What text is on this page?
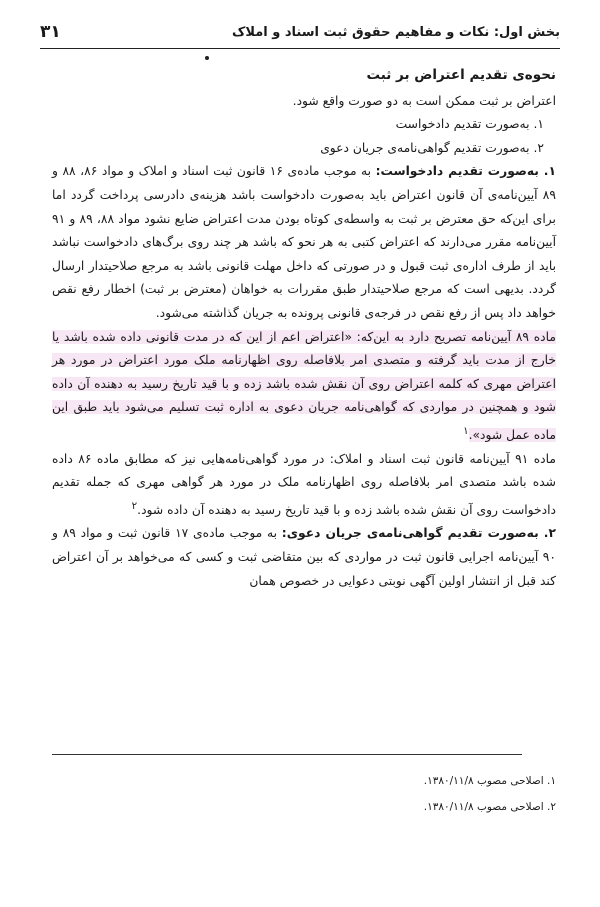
بخش اول: نکات و مفاهیم حقوق ثبت اسناد و املاک
۳۱
نحوه‌ی تقدیم اعتراض بر ثبت

اعتراض بر ثبت ممکن است به دو صورت واقع شود.

۱. به‌صورت تقدیم دادخواست

۲. به‌صورت تقدیم گواهی‌نامه‌ی جریان دعوی

۱. به‌صورت تقدیم دادخواست: به موجب ماده‌ی ۱۶ قانون ثبت اسناد و املاک و مواد ۸۶، ۸۸ و ۸۹ آیین‌نامه‌ی آن قانون اعتراض باید به‌صورت دادخواست باشد هزینه‌ی دادرسی پرداخت گردد اما برای این‌که حق معترض بر ثبت به واسطه‌ی کوتاه بودن مدت اعتراض ضایع نشود مواد ۸۸، ۸۹ و ۹۱ آیین‌نامه مقرر می‌دارند که اعتراض کتبی به هر نحو که باشد هر چند روی برگ‌های دادخواست نباشد باید از طرف اداره‌ی ثبت قبول و در صورتی که داخل مهلت قانونی باشد به مرجع صلاحیتدار ارسال گردد. بدیهی است که مرجع صلاحیتدار طبق مقررات به خواهان (معترض بر ثبت) اخطار رفع نقص خواهد داد پس از رفع نقص در فرجه‌ی قانونی پرونده به جریان گذاشته می‌شود.

ماده ۸۹ آیین‌نامه تصریح دارد به این‌که: «اعتراض اعم از این که در مدت قانونی داده شده باشد یا خارج از مدت باید گرفته و متصدی امر بلافاصله روی اظهارنامه ملک مورد اعتراض در مورد هر اعتراض مهری که کلمه اعتراض روی آن نقش شده باشد زده و با قید تاریخ رسید به دهنده آن داده شود و همچنین در مواردی که گواهی‌نامه جریان دعوی به اداره ثبت تسلیم می‌شود باید طبق این ماده عمل شود».$^۱$

ماده ۹۱ آیین‌نامه قانون ثبت اسناد و املاک: در مورد گواهی‌نامه‌هایی نیز که مطابق ماده ۸۶ داده شده باشد متصدی امر بلافاصله روی اظهارنامه ملک در مورد هر گواهی مهری که جمله تقدیم دادخواست روی آن نقش شده باشد زده و با قید تاریخ رسید به دهنده آن داده شود.$^۲$

۲. به‌صورت تقدیم گواهی‌نامه‌ی جریان دعوی: به موجب ماده‌ی ۱۷ قانون ثبت و مواد ۸۹ و ۹۰ آیین‌نامه اجرایی قانون ثبت در مواردی که بین متقاضی ثبت و کسی که می‌خواهد بر آن اعتراض کند قبل از انتشار اولین آگهی نوبتی دعوایی در خصوص همان

۱. اصلاحی مصوب ۱۳۸۰/۱۱/۸.

۲. اصلاحی مصوب ۱۳۸۰/۱۱/۸.
